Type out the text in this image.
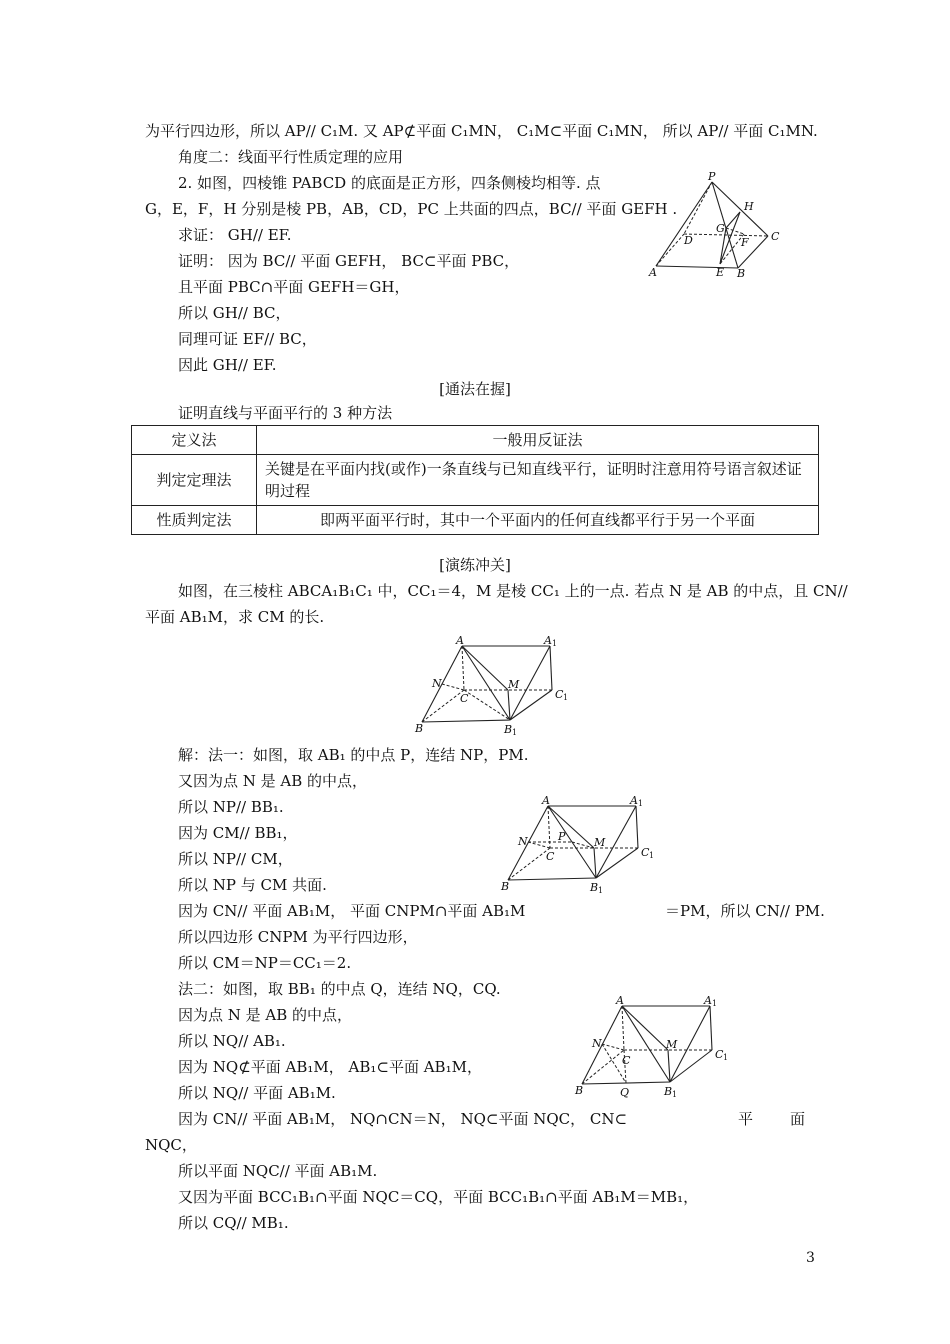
为平行四边形，所以 AP// C₁M. 又 AP⊄平面 C₁MN， C₁M⊂平面 C₁MN， 所以 AP// 平面 C₁MN.
角度二：线面平行性质定理的应用
2. 如图，四棱锥 PABCD 的底面是正方形，四条侧棱均相等. 点
G，E，F，H 分别是棱 PB，AB，CD，PC 上共面的四点，BC// 平面 GEFH .
求证： GH// EF.
证明： 因为 BC// 平面 GEFH， BC⊂平面 PBC，
且平面 PBC∩平面 GEFH＝GH，
所以 GH// BC，
同理可证 EF// BC，
因此 GH// EF.
[通法在握]
证明直线与平面平行的 3 种方法
P
H
G
D	F C
A	E B
定义法	一般用反证法
判定定理法	关键是在平面内找(或作)一条直线与已知直线平行，证明时注意用符号语言叙述证明过程
性质判定法	即两平面平行时，其中一个平面内的任何直线都平行于另一个平面
[演练冲关]
如图，在三棱柱 ABCA₁B₁C₁ 中，CC₁＝4，M 是棱 CC₁ 上的一点. 若点 N 是 AB 的中点，且 CN//
平面 AB₁M，求 CM 的长.
A	A 1
N	M
C	C 1
B	B 1
解：法一：如图，取 AB₁ 的中点 P，连结 NP，PM.
又因为点 N 是 AB 的中点，
所以 NP// BB₁.
因为 CM// BB₁，
所以 NP// CM，
所以 NP 与 CM 共面.
因为 CN// 平面 AB₁M， 平面 CNPM∩平面 AB₁M	＝PM，所以 CN// PM.
所以四边形 CNPM 为平行四边形，
所以 CM＝NP＝CC₁＝2.
A	A 1
P
N	M
C	C 1
B	B 1
法二：如图，取 BB₁ 的中点 Q，连结 NQ，CQ.
因为点 N 是 AB 的中点，
所以 NQ// AB₁.
因为 NQ⊄平面 AB₁M， AB₁⊂平面 AB₁M，
所以 NQ// 平面 AB₁M.
因为 CN// 平面 AB₁M， NQ∩CN＝N， NQ⊂平面 NQC， CN⊂	平 面
NQC，
所以平面 NQC// 平面 AB₁M.
又因为平面 BCC₁B₁∩平面 NQC＝CQ，平面 BCC₁B₁∩平面 AB₁M＝MB₁，
所以 CQ// MB₁.
A	A 1
N	M
C	C 1
B	Q	B 1
3
